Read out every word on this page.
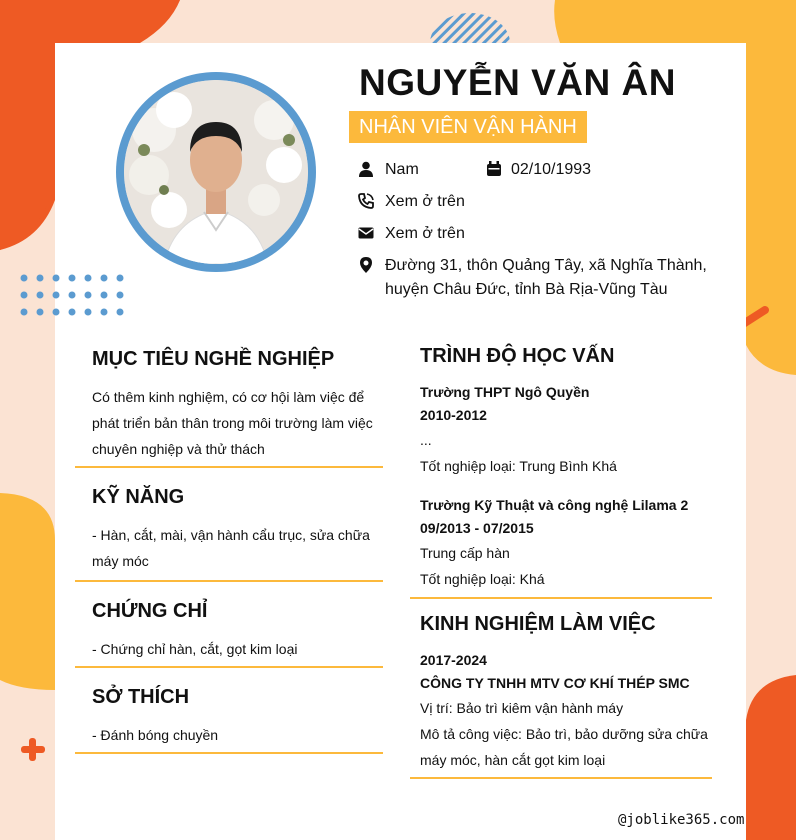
NGUYỄN VĂN ÂN
NHÂN VIÊN VẬN HÀNH
Nam	02/10/1993
Xem ở trên
Xem ở trên
Đường 31, thôn Quảng Tây, xã Nghĩa Thành,
huyện Châu Đức, tỉnh Bà Rịa-Vũng Tàu
MỤC TIÊU NGHỀ NGHIỆP
Có thêm kinh nghiệm, có cơ hội làm việc để
phát triển bản thân trong môi trường làm việc
chuyên nghiệp và thử thách
KỸ NĂNG
- Hàn, cắt, mài, vận hành cẩu trục, sửa chữa
máy móc
CHỨNG CHỈ
- Chứng chỉ hàn, cắt, gọt kim loại
SỞ THÍCH
- Đánh bóng chuyền
TRÌNH ĐỘ HỌC VẤN
Trường THPT Ngô Quyền
2010-2012
...
Tốt nghiệp loại: Trung Bình Khá
Trường Kỹ Thuật và công nghệ Lilama 2
09/2013 - 07/2015
Trung cấp hàn
Tốt nghiệp loại: Khá
KINH NGHIỆM LÀM VIỆC
2017-2024
CÔNG TY TNHH MTV CƠ KHÍ THÉP SMC
Vị trí: Bảo trì kiêm vận hành máy
Mô tả công việc: Bảo trì, bảo dưỡng sửa chữa
máy móc, hàn cắt gọt kim loại
@joblike365.com
